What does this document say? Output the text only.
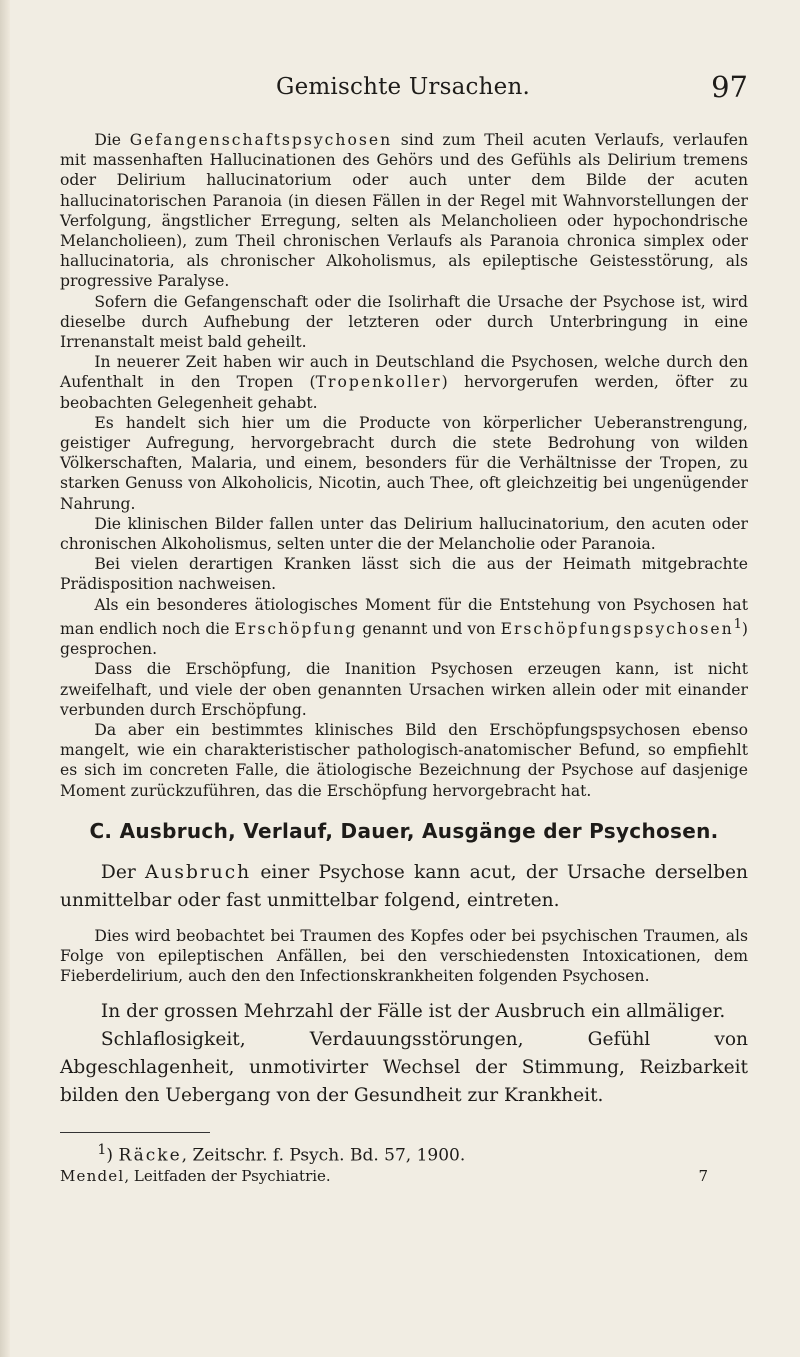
Gemischte Ursachen.	97

Die Gefangenschaftspsychosen sind zum Theil acuten Verlaufs, verlaufen mit massenhaften Hallucinationen des Gehörs und des Gefühls als Delirium tremens oder Delirium hallucinatorium oder auch unter dem Bilde der acuten hallucinatorischen Paranoia (in diesen Fällen in der Regel mit Wahnvorstellungen der Verfolgung, ängstlicher Erregung, selten als Melancholieen oder hypochondrische Melancholieen), zum Theil chronischen Verlaufs als Paranoia chronica simplex oder hallucinatoria, als chronischer Alkoholismus, als epileptische Geistesstörung, als progressive Paralyse.

Sofern die Gefangenschaft oder die Isolirhaft die Ursache der Psychose ist, wird dieselbe durch Aufhebung der letzteren oder durch Unterbringung in eine Irrenanstalt meist bald geheilt.

In neuerer Zeit haben wir auch in Deutschland die Psychosen, welche durch den Aufenthalt in den Tropen (Tropenkoller) hervorgerufen werden, öfter zu beobachten Gelegenheit gehabt.

Es handelt sich hier um die Producte von körperlicher Ueberanstrengung, geistiger Aufregung, hervorgebracht durch die stete Bedrohung von wilden Völkerschaften, Malaria, und einem, besonders für die Verhältnisse der Tropen, zu starken Genuss von Alkoholicis, Nicotin, auch Thee, oft gleichzeitig bei ungenügender Nahrung.

Die klinischen Bilder fallen unter das Delirium hallucinatorium, den acuten oder chronischen Alkoholismus, selten unter die der Melancholie oder Paranoia.

Bei vielen derartigen Kranken lässt sich die aus der Heimath mitgebrachte Prädisposition nachweisen.

Als ein besonderes ätiologisches Moment für die Entstehung von Psychosen hat man endlich noch die Erschöpfung genannt und von Erschöpfungspsychosen$^1$) gesprochen.

Dass die Erschöpfung, die Inanition Psychosen erzeugen kann, ist nicht zweifelhaft, und viele der oben genannten Ursachen wirken allein oder mit einander verbunden durch Erschöpfung.

Da aber ein bestimmtes klinisches Bild den Erschöpfungspsychosen ebenso mangelt, wie ein charakteristischer pathologisch-anatomischer Befund, so empfiehlt es sich im concreten Falle, die ätiologische Bezeichnung der Psychose auf dasjenige Moment zurückzuführen, das die Erschöpfung hervorgebracht hat.

C. Ausbruch, Verlauf, Dauer, Ausgänge der Psychosen.

Der Ausbruch einer Psychose kann acut, der Ursache derselben unmittelbar oder fast unmittelbar folgend, eintreten.

Dies wird beobachtet bei Traumen des Kopfes oder bei psychischen Traumen, als Folge von epileptischen Anfällen, bei den verschiedensten Intoxicationen, dem Fieberdelirium, auch den den Infectionskrankheiten folgenden Psychosen.

In der grossen Mehrzahl der Fälle ist der Ausbruch ein allmäliger.

Schlaflosigkeit, Verdauungsstörungen, Gefühl von Abgeschlagenheit, unmotivirter Wechsel der Stimmung, Reizbarkeit bilden den Uebergang von der Gesundheit zur Krankheit.

$^1$) Räcke, Zeitschr. f. Psych. Bd. 57, 1900.

Mendel, Leitfaden der Psychiatrie.	7
